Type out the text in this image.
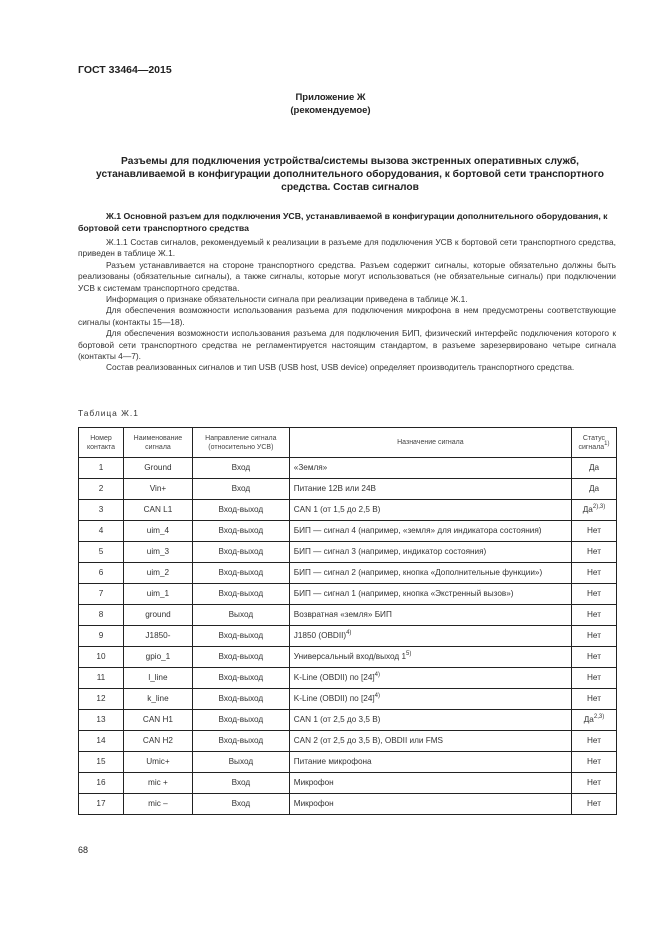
ГОСТ 33464—2015
Приложение Ж
(рекомендуемое)
Разъемы для подключения устройства/системы вызова экстренных оперативных служб, устанавливаемой в конфигурации дополнительного оборудования, к бортовой сети транспортного средства. Состав сигналов
Ж.1 Основной разъем для подключения УСВ, устанавливаемой в конфигурации дополнительного оборудования, к бортовой сети транспортного средства

Ж.1.1 Состав сигналов, рекомендуемый к реализации в разъеме для подключения УСВ к бортовой сети транспортного средства, приведен в таблице Ж.1.

Разъем устанавливается на стороне транспортного средства. Разъем содержит сигналы, которые обязательно должны быть реализованы (обязательные сигналы), а также сигналы, которые могут использоваться (не обязательные сигналы) при подключении УСВ к системам транспортного средства.

Информация о признаке обязательности сигнала при реализации приведена в таблице Ж.1.

Для обеспечения возможности использования разъема для подключения микрофона в нем предусмотрены соответствующие сигналы (контакты 15—18).

Для обеспечения возможности использования разъема для подключения БИП, физический интерфейс подключения которого к бортовой сети транспортного средства не регламентируется настоящим стандартом, в разъеме зарезервировано четыре сигнала (контакты 4—7).

Состав реализованных сигналов и тип USB (USB host, USB device) определяет производитель транспортного средства.

Таблица Ж.1
Номер контакта	Наименование сигнала	Направление сигнала (относительно УСВ)	Назначение сигнала	Статус сигнала$^{1)}$
1	Ground	Вход	«Земля»	Да
2	Vin+	Вход	Питание 12В или 24В	Да
3	CAN L1	Вход-выход	CAN 1 (от 1,5 до 2,5 В)	$Да^{2),3)}$
4	uim_4	Вход-выход	БИП — сигнал 4 (например, «земля» для индикатора состояния)	Нет
5	uim_3	Вход-выход	БИП — сигнал 3 (например, индикатор состояния)	Нет
6	uim_2	Вход-выход	БИП — сигнал 2 (например, кнопка «Дополнительные функции»)	Нет
7	uim_1	Вход-выход	БИП — сигнал 1 (например, кнопка «Экстренный вызов»)	Нет
8	ground	Выход	Возвратная «земля» БИП	Нет
9	J1850-	Вход-выход	J1850 (OBDII)$^{4)}$	Нет
10	gpio_1	Вход-выход	Универсальный вход/выход 1$^{5)}$	Нет
11	l_line	Вход-выход	K-Line (OBDII) по $[24]^{4)}$	Нет
12	k_line	Вход-выход	K-Line (OBDII) по $[24]^{4)}$	Нет
13	CAN H1	Вход-выход	CAN 1 (от 2,5 до 3,5 В)	Да$^{2,3)}$
14	CAN H2	Вход-выход	CAN 2 (от 2,5 до 3,5 В), OBDII или FMS	Нет
15	Umic+	Выход	Питание микрофона	Нет
16	mic +	Вход	Микрофон	Нет
17	mic –	Вход	Микрофон	Нет
68
